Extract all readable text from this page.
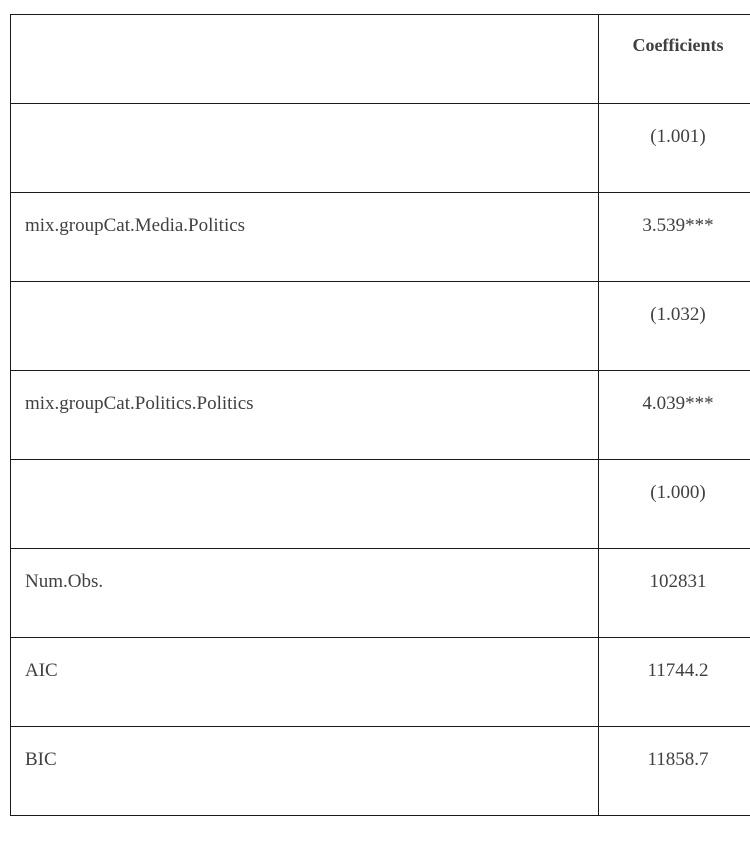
	Coefficients

	(1.001)

mix.groupCat.Media.Politics	3.539***

	(1.032)

mix.groupCat.Politics.Politics	4.039***

	(1.000)

Num.Obs.	102831

AIC	11744.2

BIC	11858.7
